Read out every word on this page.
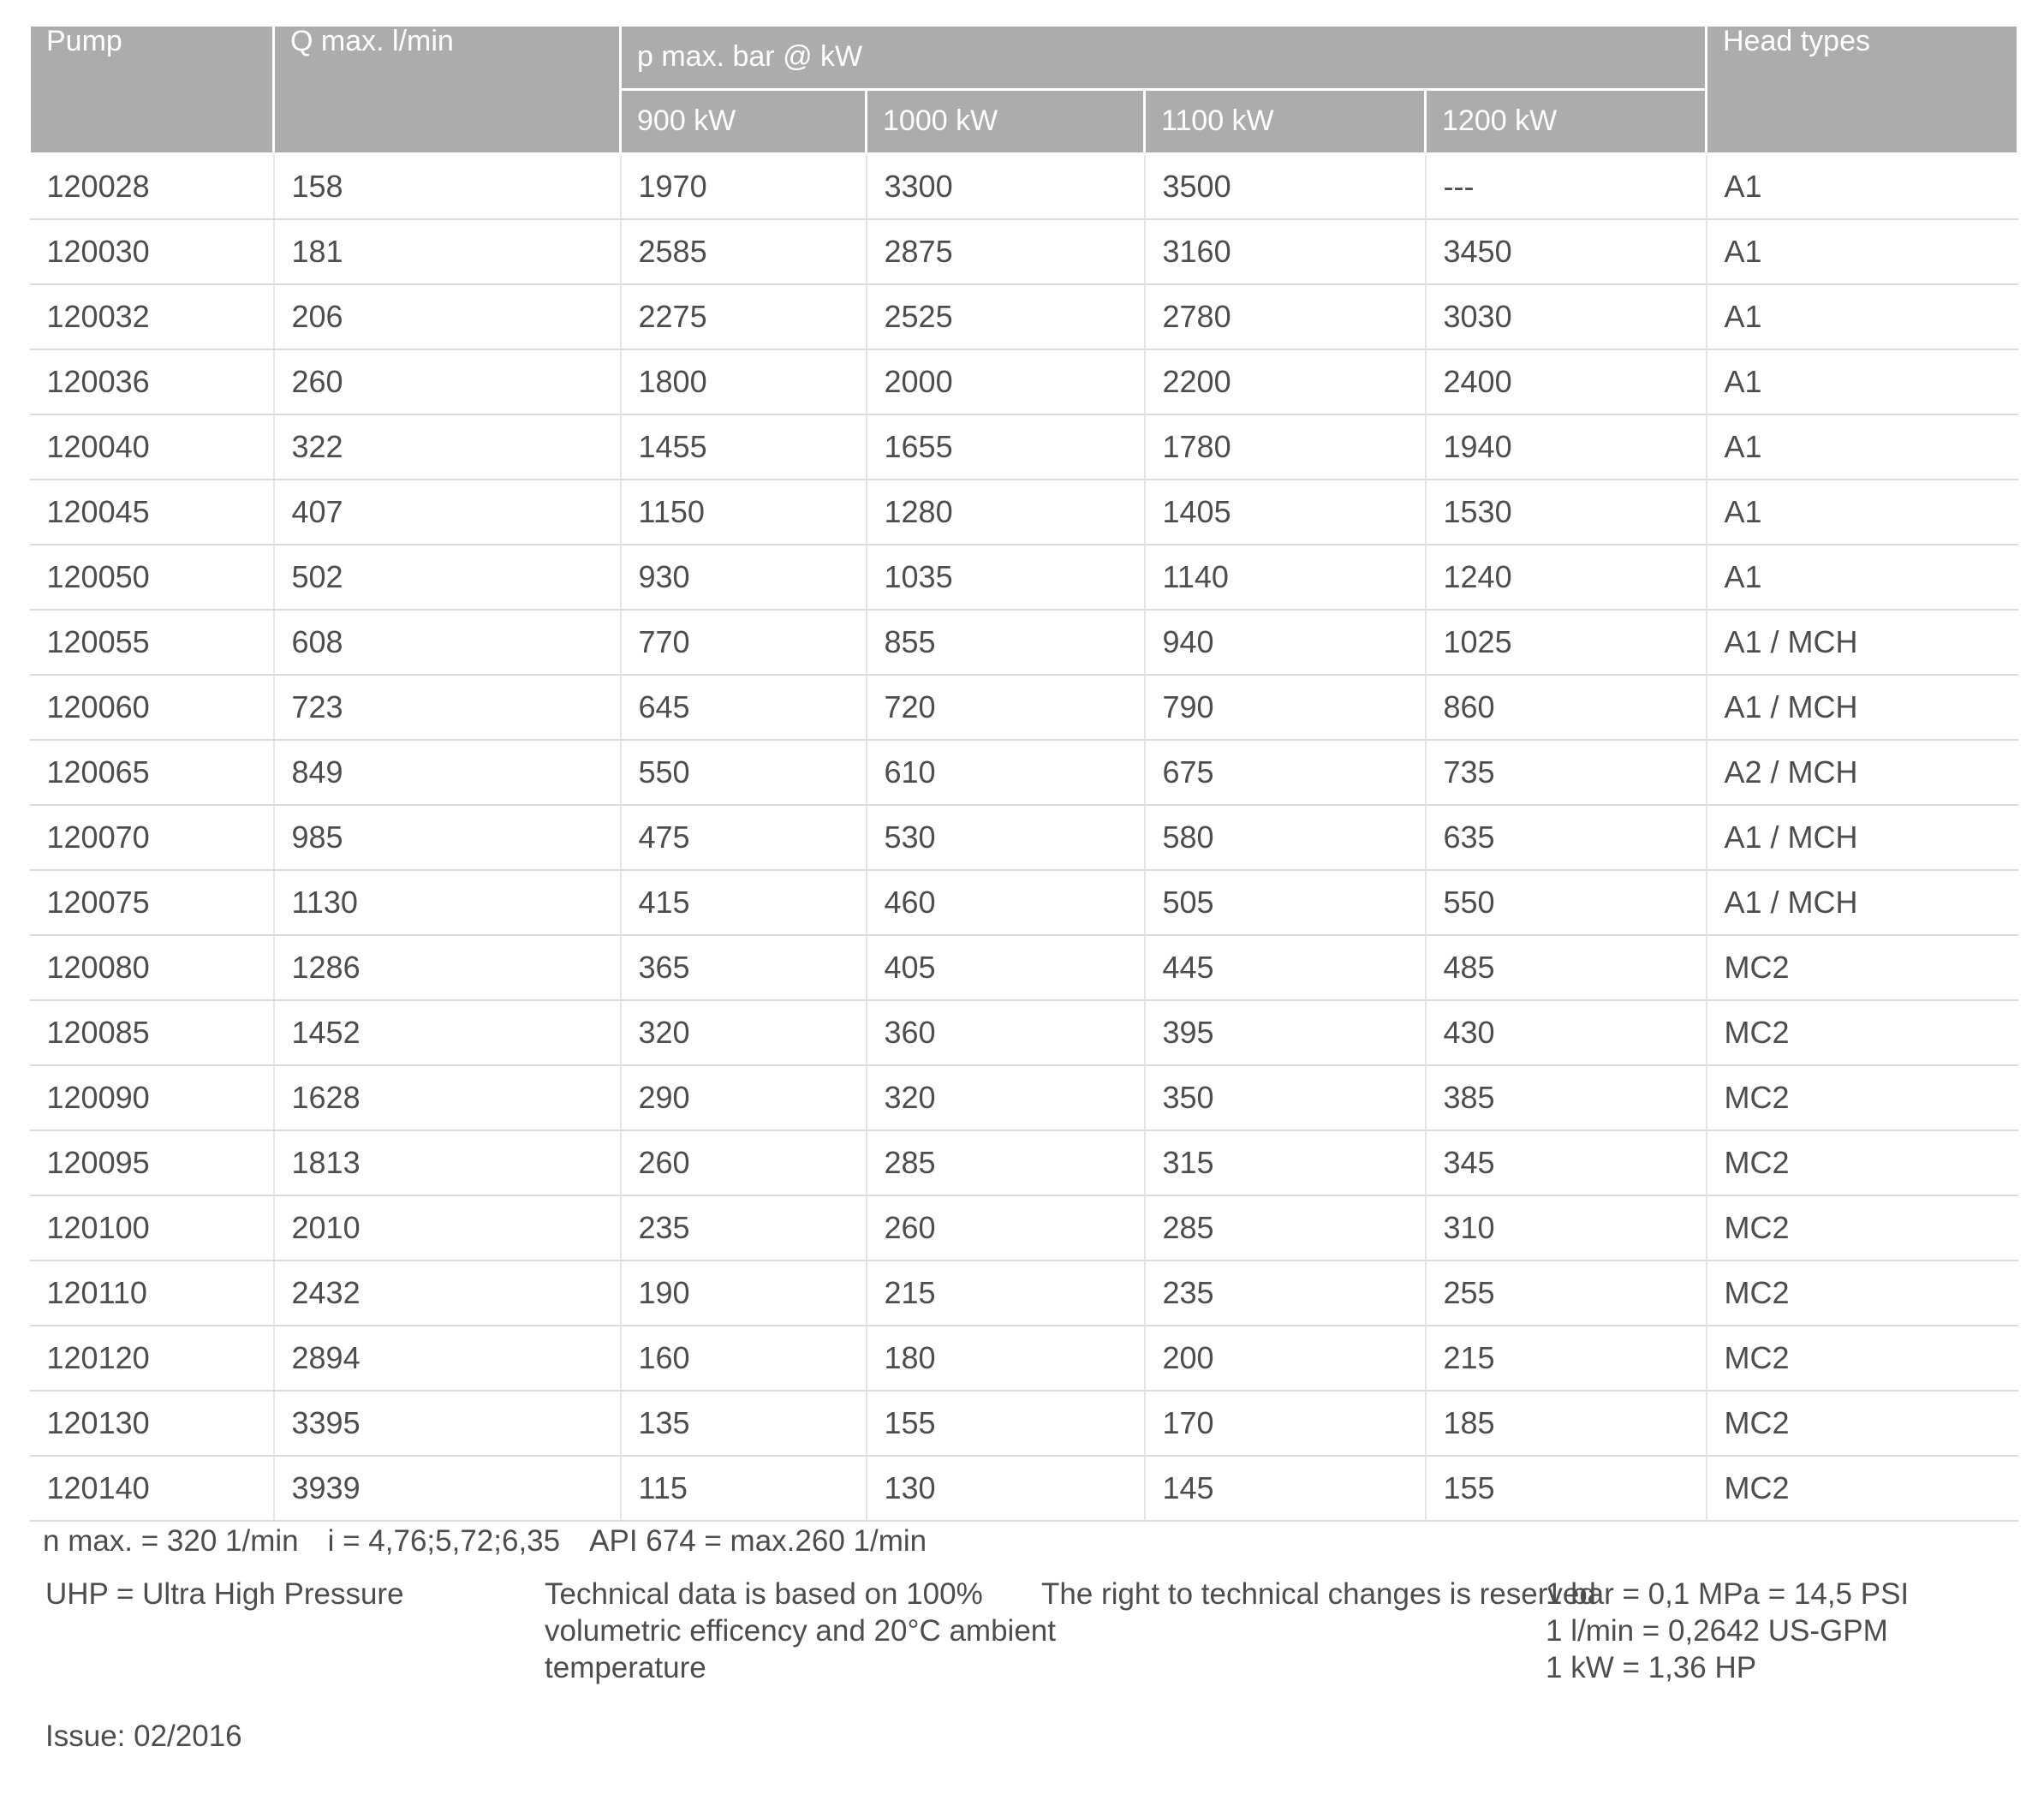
Pump	Q max. l/min	p max. bar @ kW				Head types
		900 kW	1000 kW	1100 kW	1200 kW	
120028	158	1970	3300	3500	---	A1
120030	181	2585	2875	3160	3450	A1
120032	206	2275	2525	2780	3030	A1
120036	260	1800	2000	2200	2400	A1
120040	322	1455	1655	1780	1940	A1
120045	407	1150	1280	1405	1530	A1
120050	502	930	1035	1140	1240	A1
120055	608	770	855	940	1025	A1 / MCH
120060	723	645	720	790	860	A1 / MCH
120065	849	550	610	675	735	A2 / MCH
120070	985	475	530	580	635	A1 / MCH
120075	1130	415	460	505	550	A1 / MCH
120080	1286	365	405	445	485	MC2
120085	1452	320	360	395	430	MC2
120090	1628	290	320	350	385	MC2
120095	1813	260	285	315	345	MC2
120100	2010	235	260	285	310	MC2
120110	2432	190	215	235	255	MC2
120120	2894	160	180	200	215	MC2
120130	3395	135	155	170	185	MC2
120140	3939	115	130	145	155	MC2
n max. = 320 1/min i = 4,76;5,72;6,35 API 674 = max.260 1/min
UHP = Ultra High Pressure	Technical data is based on 100%
volumetric efficency and 20°C ambient
temperature
The right to technical changes is reserved
1 bar = 0,1 MPa = 14,5 PSI
1 l/min = 0,2642 US-GPM
1 kW = 1,36 HP
Issue: 02/2016
